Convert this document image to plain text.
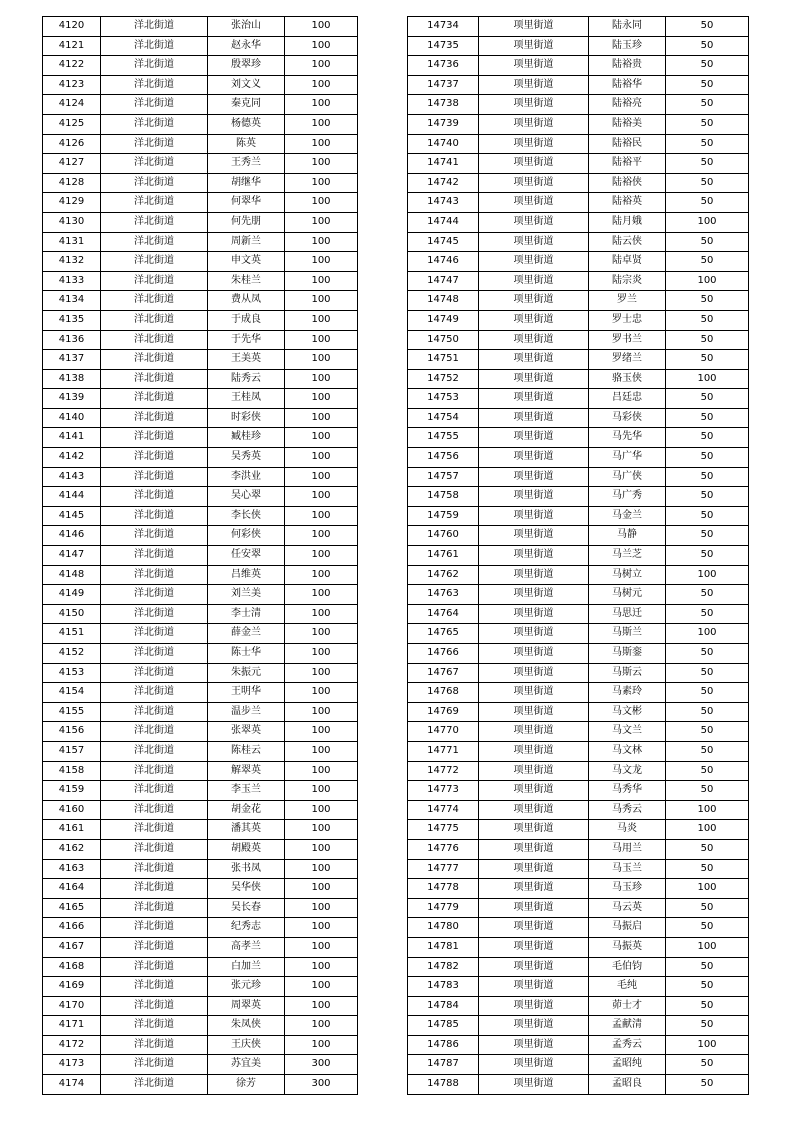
4120	洋北街道	张治山	100
4121	洋北街道	赵永华	100
4122	洋北街道	殷翠珍	100
4123	洋北街道	刘文义	100
4124	洋北街道	秦克同	100
4125	洋北街道	杨德英	100
4126	洋北街道	陈英	100
4127	洋北街道	王秀兰	100
4128	洋北街道	胡继华	100
4129	洋北街道	何翠华	100
4130	洋北街道	何先朋	100
4131	洋北街道	周新兰	100
4132	洋北街道	申文英	100
4133	洋北街道	朱桂兰	100
4134	洋北街道	费从凤	100
4135	洋北街道	于成良	100
4136	洋北街道	于先华	100
4137	洋北街道	王美英	100
4138	洋北街道	陆秀云	100
4139	洋北街道	王桂凤	100
4140	洋北街道	时彩侠	100
4141	洋北街道	臧桂珍	100
4142	洋北街道	吴秀英	100
4143	洋北街道	李洪业	100
4144	洋北街道	吴心翠	100
4145	洋北街道	李长侠	100
4146	洋北街道	何彩侠	100
4147	洋北街道	任安翠	100
4148	洋北街道	吕维英	100
4149	洋北街道	刘兰美	100
4150	洋北街道	李士清	100
4151	洋北街道	薛金兰	100
4152	洋北街道	陈士华	100
4153	洋北街道	朱振元	100
4154	洋北街道	王明华	100
4155	洋北街道	温步兰	100
4156	洋北街道	张翠英	100
4157	洋北街道	陈桂云	100
4158	洋北街道	解翠英	100
4159	洋北街道	李玉兰	100
4160	洋北街道	胡金花	100
4161	洋北街道	潘其英	100
4162	洋北街道	胡殿英	100
4163	洋北街道	张书凤	100
4164	洋北街道	吴华侠	100
4165	洋北街道	吴长春	100
4166	洋北街道	纪秀志	100
4167	洋北街道	高孝兰	100
4168	洋北街道	白加兰	100
4169	洋北街道	张元珍	100
4170	洋北街道	周翠英	100
4171	洋北街道	朱凤侠	100
4172	洋北街道	王庆侠	100
4173	洋北街道	苏宜美	300
4174	洋北街道	徐芳	300
14734	项里街道	陆永同	50
14735	项里街道	陆玉珍	50
14736	项里街道	陆裕贵	50
14737	项里街道	陆裕华	50
14738	项里街道	陆裕亮	50
14739	项里街道	陆裕美	50
14740	项里街道	陆裕民	50
14741	项里街道	陆裕平	50
14742	项里街道	陆裕侠	50
14743	项里街道	陆裕英	50
14744	项里街道	陆月娥	100
14745	项里街道	陆云侠	50
14746	项里街道	陆卓贤	50
14747	项里街道	陆宗炎	100
14748	项里街道	罗兰	50
14749	项里街道	罗士忠	50
14750	项里街道	罗书兰	50
14751	项里街道	罗绪兰	50
14752	项里街道	骆玉侠	100
14753	项里街道	吕廷忠	50
14754	项里街道	马彩侠	50
14755	项里街道	马先华	50
14756	项里街道	马广华	50
14757	项里街道	马广侠	50
14758	项里街道	马广秀	50
14759	项里街道	马金兰	50
14760	项里街道	马静	50
14761	项里街道	马兰芝	50
14762	项里街道	马树立	100
14763	项里街道	马树元	50
14764	项里街道	马思迁	50
14765	项里街道	马斯兰	100
14766	项里街道	马斯銮	50
14767	项里街道	马斯云	50
14768	项里街道	马素玲	50
14769	项里街道	马文彬	50
14770	项里街道	马文兰	50
14771	项里街道	马文林	50
14772	项里街道	马文龙	50
14773	项里街道	马秀华	50
14774	项里街道	马秀云	100
14775	项里街道	马炎	100
14776	项里街道	马用兰	50
14777	项里街道	马玉兰	50
14778	项里街道	马玉珍	100
14779	项里街道	马云英	50
14780	项里街道	马振启	50
14781	项里街道	马振英	100
14782	项里街道	毛伯钧	50
14783	项里街道	毛纯	50
14784	项里街道	茆士才	50
14785	项里街道	孟献清	50
14786	项里街道	孟秀云	100
14787	项里街道	孟昭纯	50
14788	项里街道	孟昭良	50
